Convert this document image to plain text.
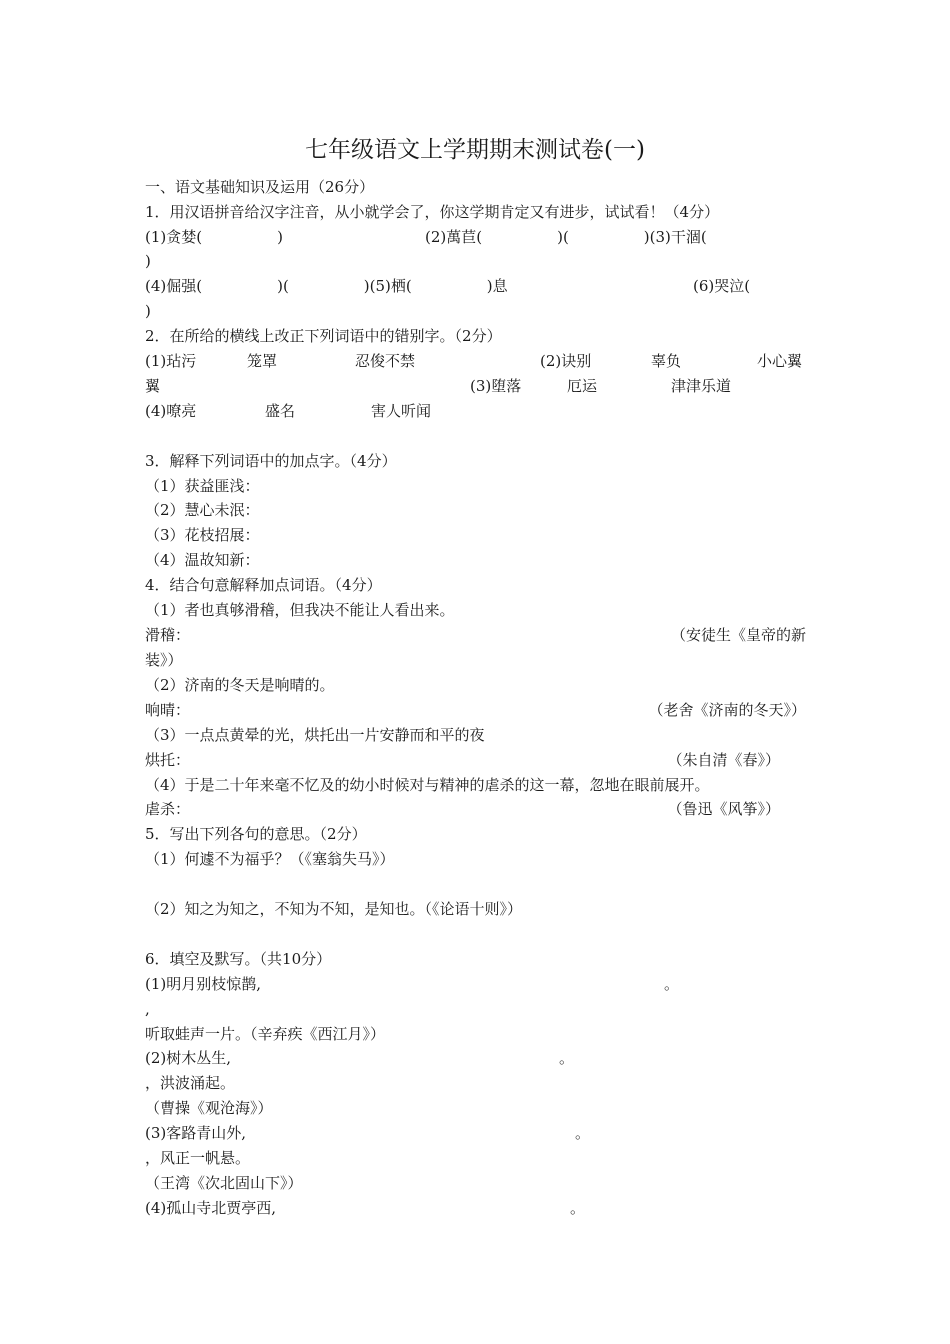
七年级语文上学期期末测试卷(一)
一、语文基础知识及运用（26分）
1．用汉语拼音给汉字注音，从小就学会了，你这学期肯定又有进步，试试看！（4分）
(1)贪婪(　　　　　)	(2)萬苣(　　　　　)(　　　　　)(3)干涸(
)
(4)倔强(　　　　　)(　　　　　)(5)栖(　　　　　)息	(6)哭泣(
)
2．在所给的横线上改正下列词语中的错别字。（2分）
(1)玷污	笼罩	忍俊不禁	(2)诀别	辜负	小心翼
翼	(3)堕落	厄运	津津乐道
(4)嘹亮	盛名	害人听闻
3．解释下列词语中的加点字。（4分）
（1）获益匪浅：
（2）慧心未泯：
（3）花枝招展：
（4）温故知新：
4．结合句意解释加点词语。（4分）
（1）者也真够滑稽，但我决不能让人看出来。
滑稽：	（安徒生《皇帝的新
装》）
（2）济南的冬天是响晴的。
响晴：	（老舍《济南的冬天》）
（3）一点点黄晕的光，烘托出一片安静而和平的夜
烘托：	（朱自清《春》）
（4）于是二十年来毫不忆及的幼小时候对与精神的虐杀的这一幕，忽地在眼前展开。
虐杀：	（鲁迅《风筝》）
5．写出下列各句的意思。（2分）
（1）何遽不为福乎？（《塞翁失马》）
（2）知之为知之，不知为不知，是知也。（《论语十则》）
6．填空及默写。（共10分）
(1)明月别枝惊鹊,	。
,
听取蛙声一片。（辛弃疾《西江月》）
(2)树木丛生,	。
，洪波涌起。
（曹操《观沧海》）
(3)客路青山外,	。
，风正一帆悬。
（王湾《次北固山下》）
(4)孤山寺北贾亭西,	。
